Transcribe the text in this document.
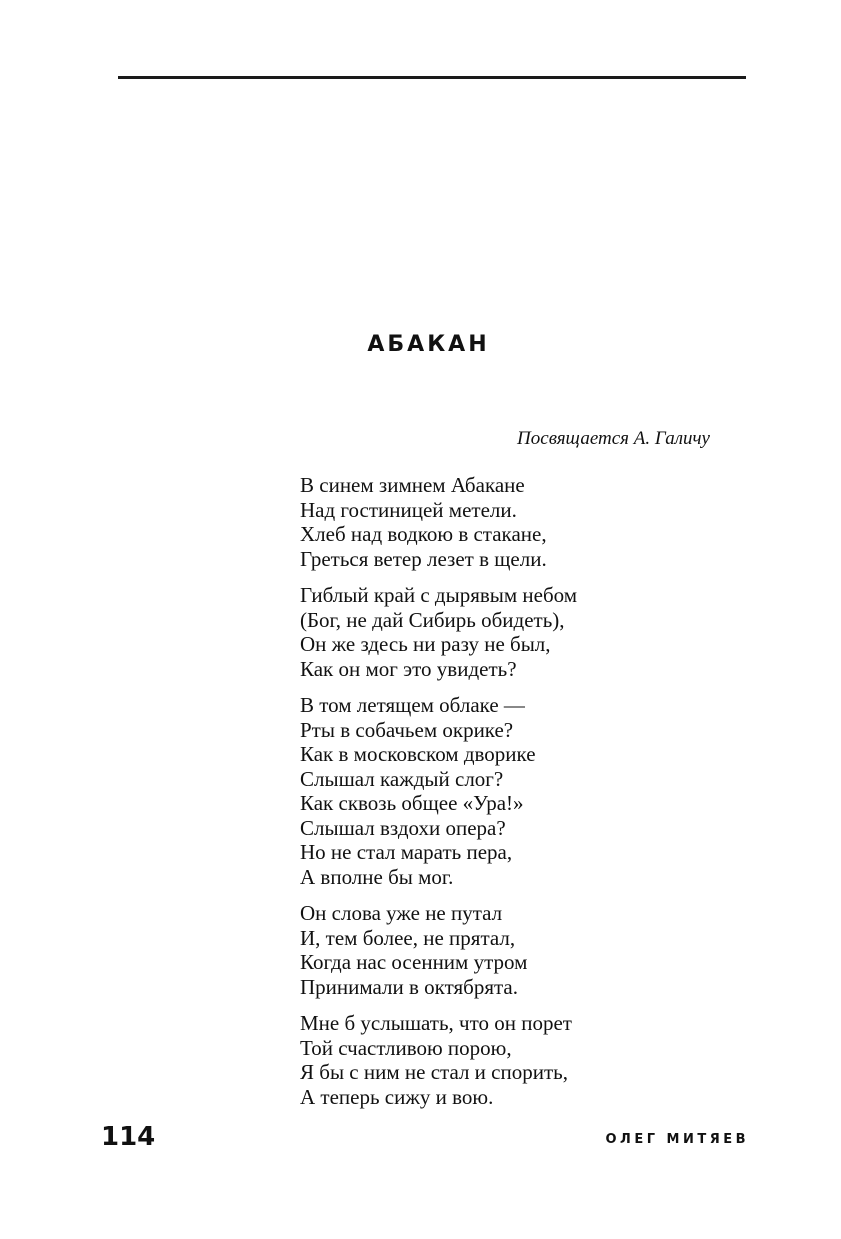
АБАКАН
Посвящается А. Галичу
В синем зимнем Абакане
Над гостиницей метели.
Хлеб над водкою в стакане,
Греться ветер лезет в щели.
Гиблый край с дырявым небом
(Бог, не дай Сибирь обидеть),
Он же здесь ни разу не был,
Как он мог это увидеть?
В том летящем облаке —
Рты в собачьем окрике?
Как в московском дворике
Слышал каждый слог?
Как сквозь общее «Ура!»
Слышал вздохи опера?
Но не стал марать пера,
А вполне бы мог.
Он слова уже не путал
И, тем более, не прятал,
Когда нас осенним утром
Принимали в октябрята.
Мне б услышать, что он порет
Той счастливою порою,
Я бы с ним не стал и спорить,
А теперь сижу и вою.
114	ОЛЕГ МИТЯЕВ
